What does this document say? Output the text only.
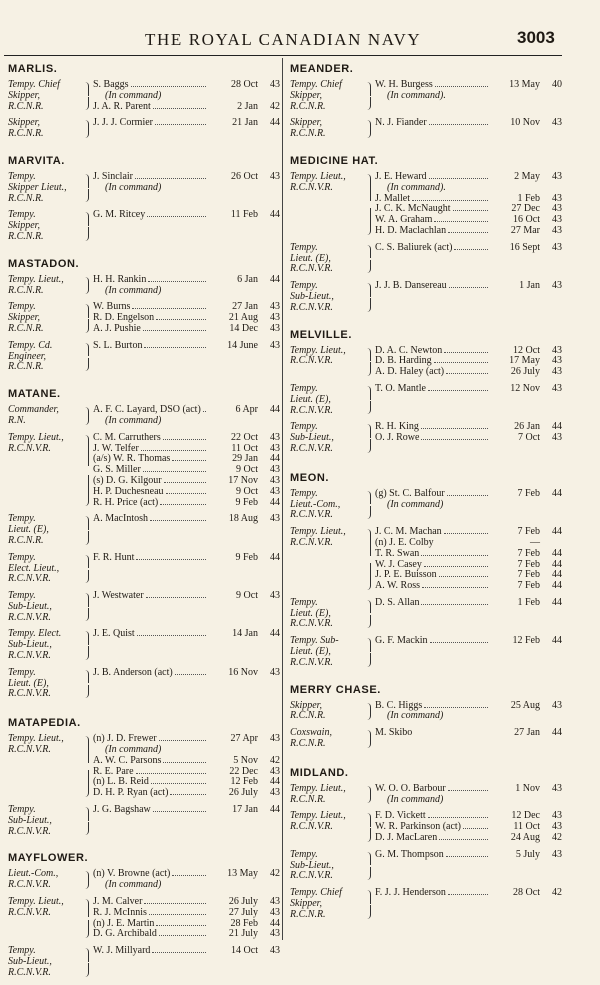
THE ROYAL CANADIAN NAVY	3003
MARLIS.
Tempy. Chief
Skipper,
R.C.N.R.
S. Baggs	28 Oct	43
(In command)
J. A. R. Parent	2 Jan	42
Skipper,
R.C.N.R.
J. J. J. Cormier	21 Jan	44
MARVITA.
Tempy.
Skipper Lieut.,
R.C.N.R.
J. Sinclair	26 Oct	43
(In command)
Tempy.
Skipper,
R.C.N.R.
G. M. Ritcey	11 Feb	44
MASTADON.
Tempy. Lieut.,
R.C.N.R.
H. H. Rankin	6 Jan	44
(In command)
Tempy.
Skipper,
R.C.N.R.
W. Burns	27 Jan	43
R. D. Engelson	21 Aug	43
A. J. Pushie	14 Dec	43
Tempy. Cd.
Engineer,
R.C.N.R.
S. L. Burton	14 June	43
MATANE.
Commander,
R.N.
A. F. C. Layard, DSO (act)	6 Apr	44
(In command)
Tempy. Lieut.,
R.C.N.V.R.
C. M. Carruthers	22 Oct	43
J. W. Telfer	11 Oct	43
(a/s) W. R. Thomas	29 Jan	44
G. S. Miller	9 Oct	43
(s) D. G. Kilgour	17 Nov	43
H. P. Duchesneau	9 Oct	43
R. H. Price (act)	9 Feb	44
Tempy.
Lieut. (E),
R.C.N.R.
A. MacIntosh	18 Aug	43
Tempy.
Elect. Lieut.,
R.C.N.V.R.
F. R. Hunt	9 Feb	44
Tempy.
Sub-Lieut.,
R.C.N.V.R.
J. Westwater	9 Oct	43
Tempy. Elect.
Sub-Lieut.,
R.C.N.V.R.
J. E. Quist	14 Jan	44
Tempy.
Lieut. (E),
R.C.N.V.R.
J. B. Anderson (act)	16 Nov	43
MATAPEDIA.
Tempy. Lieut.,
R.C.N.V.R.
(n) J. D. Frewer	27 Apr	43
(In command)
A. W. C. Parsons	5 Nov	42
R. E. Pare	22 Dec	43
(n) L. B. Reid	12 Feb	44
D. H. P. Ryan (act)	26 July	43
Tempy.
Sub-Lieut.,
R.C.N.V.R.
J. G. Bagshaw	17 Jan	44
MAYFLOWER.
Lieut.-Com.,
R.C.N.V.R.
(n) V. Browne (act)	13 May	42
(In command)
Tempy. Lieut.,
R.C.N.V.R.
J. M. Calver	26 July	43
R. J. McInnis	27 July	43
(n) J. E. Martin	28 Feb	44
D. G. Archibald	21 July	43
Tempy.
Sub-Lieut.,
R.C.N.V.R.
W. J. Millyard	14 Oct	43
MEANDER.
Tempy. Chief
Skipper,
R.C.N.R.
W. H. Burgess	13 May	40
(In command).
Skipper,
R.C.N.R.
N. J. Fiander	10 Nov	43
MEDICINE HAT.
Tempy. Lieut.,
R.C.N.V.R.
J. E. Heward	2 May	43
(In command).
J. Mallet	1 Feb	43
J. C. K. McNaught	27 Dec	43
W. A. Graham	16 Oct	43
H. D. Maclachlan	27 Mar	43
Tempy.
Lieut. (E),
R.C.N.V.R.
C. S. Baliurek (act)	16 Sept	43
Tempy.
Sub-Lieut.,
R.C.N.V.R.
J. J. B. Dansereau	1 Jan	43
MELVILLE.
Tempy. Lieut.,
R.C.N.V.R.
D. A. C. Newton	12 Oct	43
D. B. Harding	17 May	43
A. D. Haley (act)	26 July	43
Tempy.
Lieut. (E),
R.C.N.V.R.
T. O. Mantle	12 Nov	43
Tempy.
Sub-Lieut.,
R.C.N.V.R.
R. H. King	26 Jan	44
O. J. Rowe	7 Oct	43
MEON.
Tempy.
Lieut.-Com.,
R.C.N.V.R.
(g) St. C. Balfour	7 Feb	44
(In command)
Tempy. Lieut.,
R.C.N.V.R.
J. C. M. Machan	7 Feb	44
(n) J. E. Colby	—
T. R. Swan	7 Feb	44
W. J. Casey	7 Feb	44
J. P. E. Buisson	7 Feb	44
A. W. Ross	7 Feb	44
Tempy.
Lieut. (E),
R.C.N.V.R.
D. S. Allan	1 Feb	44
Tempy. Sub-
Lieut. (E),
R.C.N.V.R.
G. F. Mackin	12 Feb	44
MERRY CHASE.
Skipper,
R.C.N.R.
B. C. Higgs	25 Aug	43
(In command)
Coxswain,
R.C.N.R.
M. Skibo	27 Jan	44
MIDLAND.
Tempy. Lieut.,
R.C.N.R.
W. O. O. Barbour	1 Nov	43
(In command)
Tempy. Lieut.,
R.C.N.V.R.
F. D. Vickett	12 Dec	43
W. R. Parkinson (act)	11 Oct	43
D. J. MacLaren	24 Aug	42
Tempy.
Sub-Lieut.,
R.C.N.V.R.
G. M. Thompson	5 July	43
Tempy. Chief
Skipper,
R.C.N.R.
F. J. J. Henderson	28 Oct	42
